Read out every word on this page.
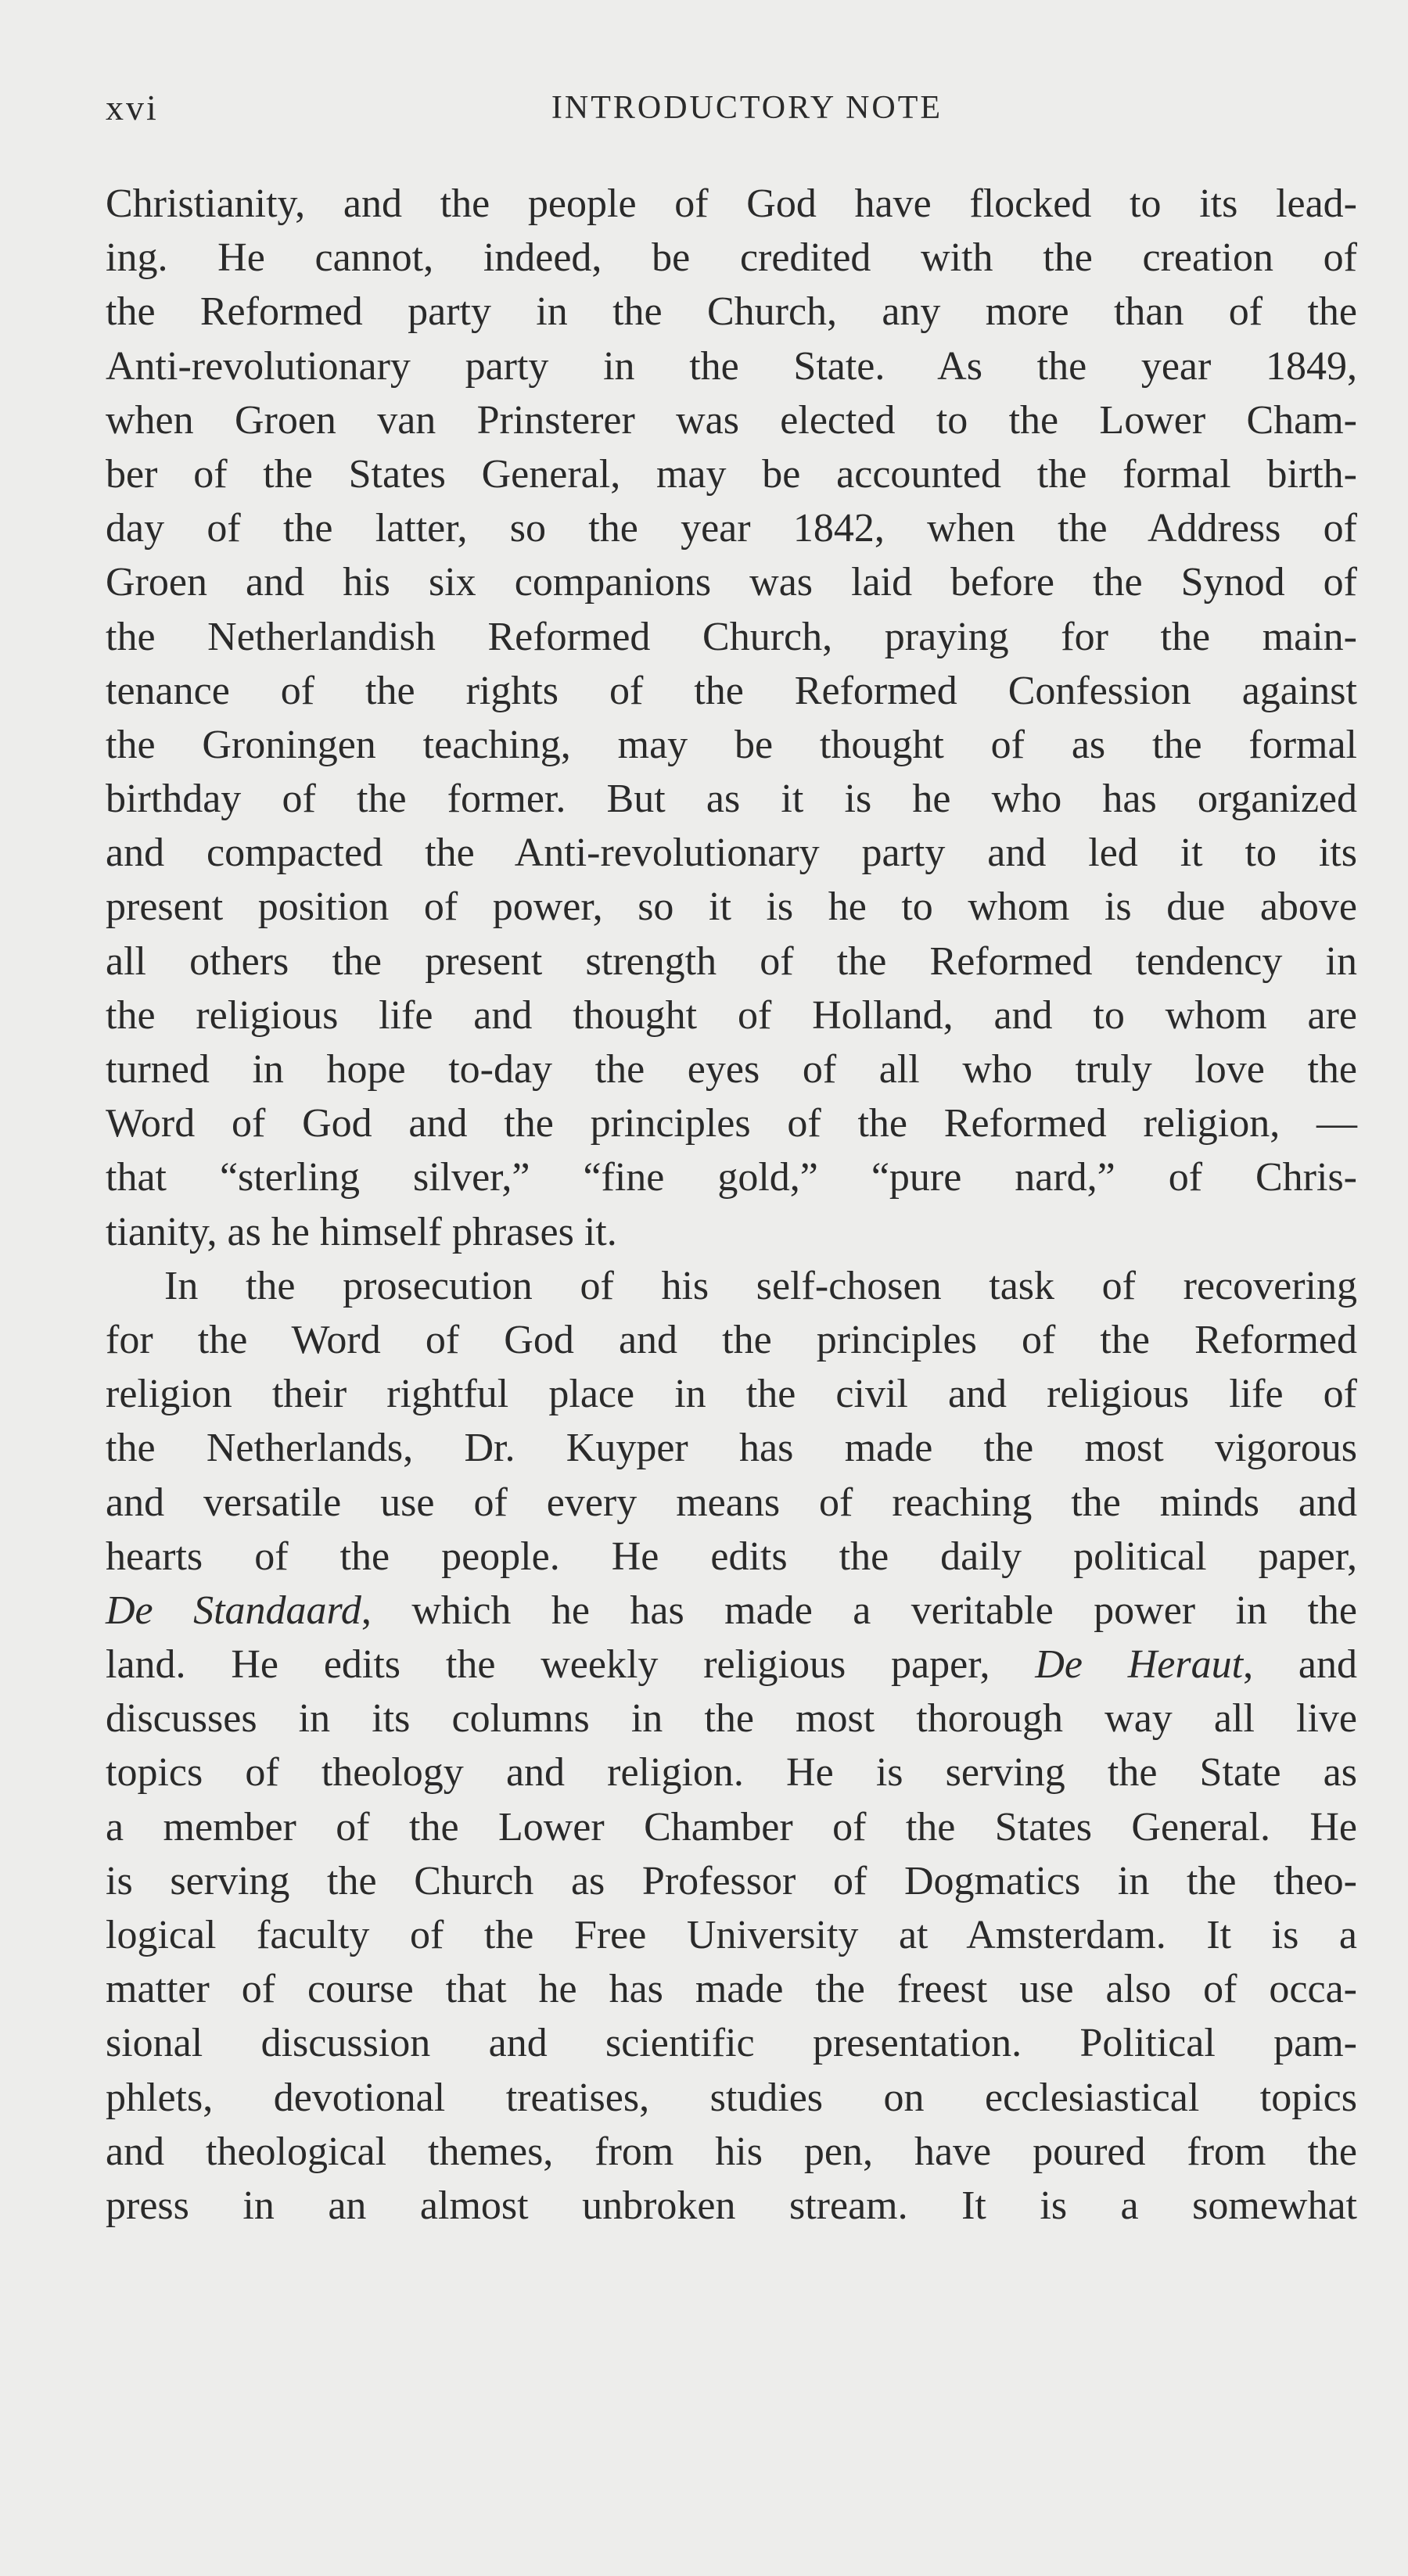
xvi	INTRODUCTORY NOTE
Christianity, and the people of God have flocked to its lead-
ing. He cannot, indeed, be credited with the creation of
the Reformed party in the Church, any more than of the
Anti-revolutionary party in the State. As the year 1849,
when Groen van Prinsterer was elected to the Lower Cham-
ber of the States General, may be accounted the formal birth-
day of the latter, so the year 1842, when the Address of
Groen and his six companions was laid before the Synod of
the Netherlandish Reformed Church, praying for the main-
tenance of the rights of the Reformed Confession against
the Groningen teaching, may be thought of as the formal
birthday of the former. But as it is he who has organized
and compacted the Anti-revolutionary party and led it to its
present position of power, so it is he to whom is due above
all others the present strength of the Reformed tendency in
the religious life and thought of Holland, and to whom are
turned in hope to-day the eyes of all who truly love the
Word of God and the principles of the Reformed religion, —
that “sterling silver,” “fine gold,” “pure nard,” of Chris-
tianity, as he himself phrases it.
In the prosecution of his self-chosen task of recovering
for the Word of God and the principles of the Reformed
religion their rightful place in the civil and religious life of
the Netherlands, Dr. Kuyper has made the most vigorous
and versatile use of every means of reaching the minds and
hearts of the people. He edits the daily political paper,
De Standaard, which he has made a veritable power in the
land. He edits the weekly religious paper, De Heraut, and
discusses in its columns in the most thorough way all live
topics of theology and religion. He is serving the State as
a member of the Lower Chamber of the States General. He
is serving the Church as Professor of Dogmatics in the theo-
logical faculty of the Free University at Amsterdam. It is a
matter of course that he has made the freest use also of occa-
sional discussion and scientific presentation. Political pam-
phlets, devotional treatises, studies on ecclesiastical topics
and theological themes, from his pen, have poured from the
press in an almost unbroken stream. It is a somewhat
